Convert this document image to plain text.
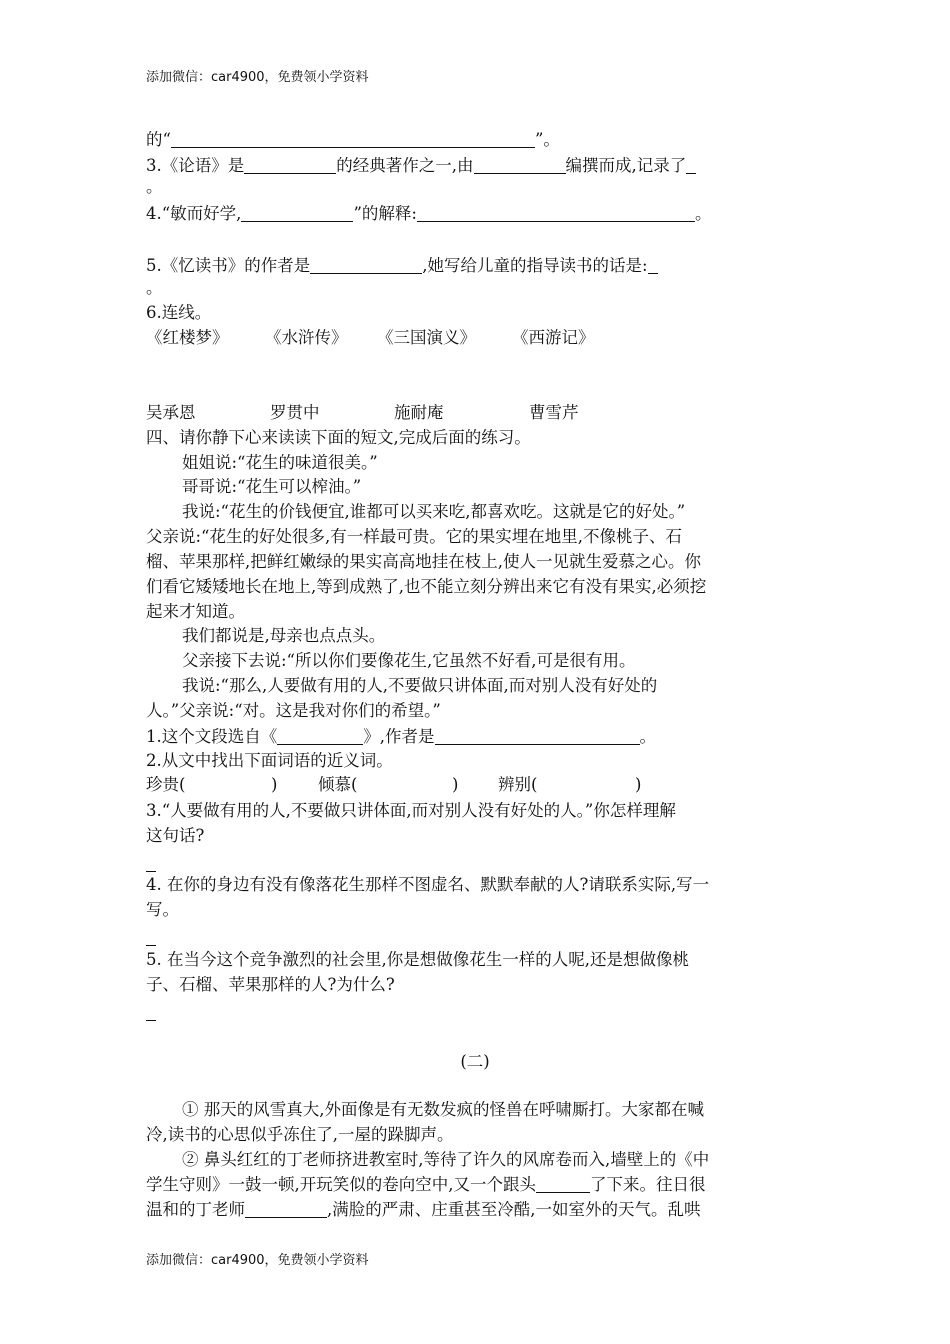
添加微信：car4900，免费领小学资料
的“	”。
3.《论语》是	的经典著作之一,由	编撰而成,记录了
。
4.“敏而好学,	”的解释:	。
5.《忆读书》的作者是	,她写给儿童的指导读书的话是:
。
6.连线。
《红楼梦》 《水浒传》 《三国演义》 《西游记》
吴承恩	罗贯中	施耐庵	曹雪芹
四、请你静下心来读读下面的短文,完成后面的练习。
姐姐说:“花生的味道很美。”
哥哥说:“花生可以榨油。”
我说:“花生的价钱便宜,谁都可以买来吃,都喜欢吃。这就是它的好处。”
父亲说:“花生的好处很多,有一样最可贵。它的果实埋在地里,不像桃子、石
榴、苹果那样,把鲜红嫩绿的果实高高地挂在枝上,使人一见就生爱慕之心。你
们看它矮矮地长在地上,等到成熟了,也不能立刻分辨出来它有没有果实,必须挖
起来才知道。
我们都说是,母亲也点点头。
父亲接下去说:“所以你们要像花生,它虽然不好看,可是很有用。
我说:“那么,人要做有用的人,不要做只讲体面,而对别人没有好处的
人。”父亲说:“对。这是我对你们的希望。”
1.这个文段选自《	》,作者是	。
2.从文中找出下面词语的近义词。
珍贵(	) 倾慕(	) 辨别(	)
3.“人要做有用的人,不要做只讲体面,而对别人没有好处的人。”你怎样理解
这句话?
4. 在你的身边有没有像落花生那样不图虚名、默默奉献的人?请联系实际,写一
写。
5. 在当今这个竞争激烈的社会里,你是想做像花生一样的人呢,还是想做像桃
子、石榴、苹果那样的人?为什么?
(二)
① 那天的风雪真大,外面像是有无数发疯的怪兽在呼啸厮打。大家都在喊
冷,读书的心思似乎冻住了,一屋的跺脚声。
② 鼻头红红的丁老师挤进教室时,等待了许久的风席卷而入,墙壁上的《中
学生守则》一鼓一顿,开玩笑似的卷向空中,又一个跟头	了下来。往日很
温和的丁老师	,满脸的严肃、庄重甚至冷酷,一如室外的天气。乱哄
添加微信：car4900，免费领小学资料
